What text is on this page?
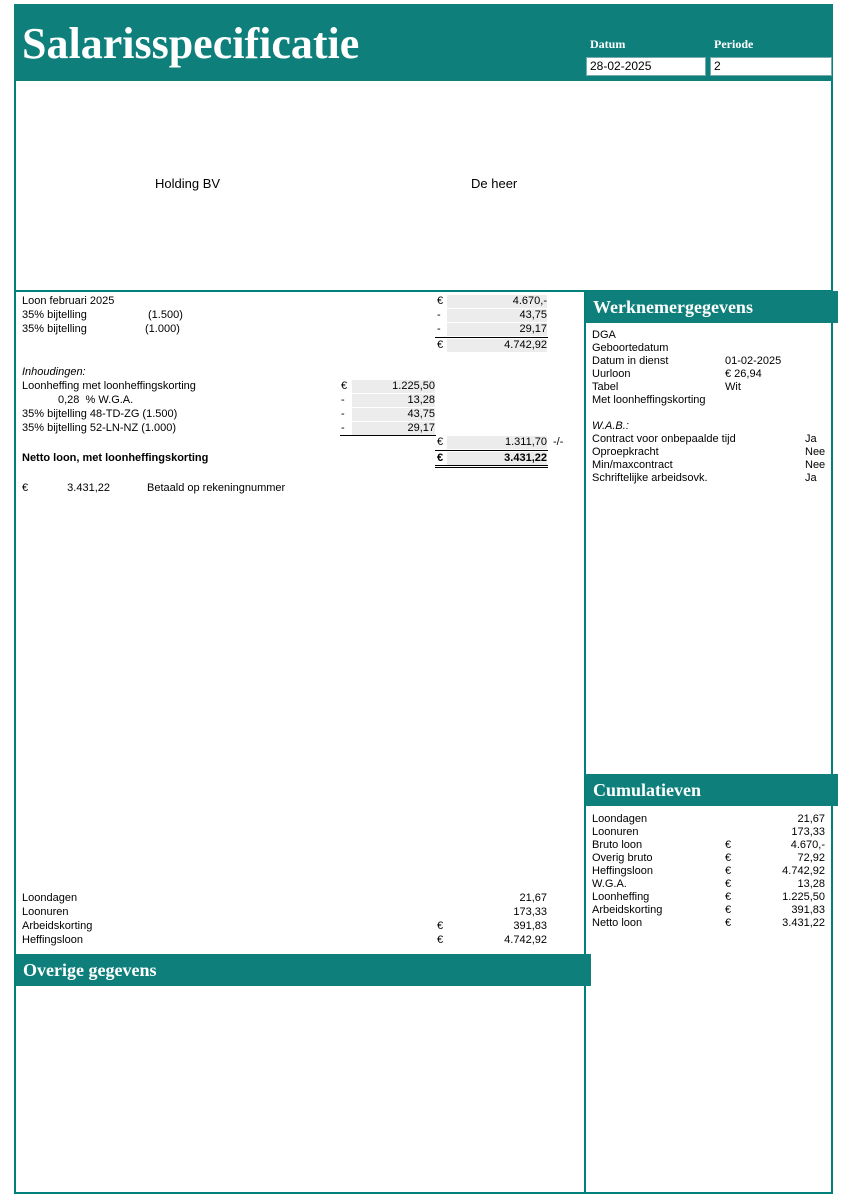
Salarisspecificatie	Datum	Periode
28-02-2025	2
Holding BV	De heer
Loon februari 2025	€	4.670,-
35% bijtelling	(1.500)	-	43,75
35% bijtelling	(1.000)	-	29,17
€	4.742,92
Inhoudingen:
Loonheffing met loonheffingskorting	€	1.225,50
0,28  % W.G.A.	-	13,28
35% bijtelling 48-TD-ZG (1.500)	-	43,75
35% bijtelling 52-LN-NZ (1.000)	-	29,17
€	1.311,70 -/-
Netto loon, met loonheffingskorting	€	3.431,22
€	3.431,22	Betaald op rekeningnummer
Loondagen	21,67
Loonuren	173,33
Arbeidskorting	€	391,83
Heffingsloon	€	4.742,92
Overige gegevens
Werknemergegevens
DGA
Geboortedatum
Datum in dienst	01-02-2025
Uurloon	€ 26,94
Tabel	Wit
Met loonheffingskorting
W.A.B.:
Contract voor onbepaalde tijd	Ja
Oproepkracht	Nee
Min/maxcontract	Nee
Schriftelijke arbeidsovk.	Ja
Cumulatieven
Loondagen	21,67
Loonuren	173,33
Bruto loon	€	4.670,-
Overig bruto	€	72,92
Heffingsloon	€	4.742,92
W.G.A.	€	13,28
Loonheffing	€	1.225,50
Arbeidskorting	€	391,83
Netto loon	€	3.431,22
